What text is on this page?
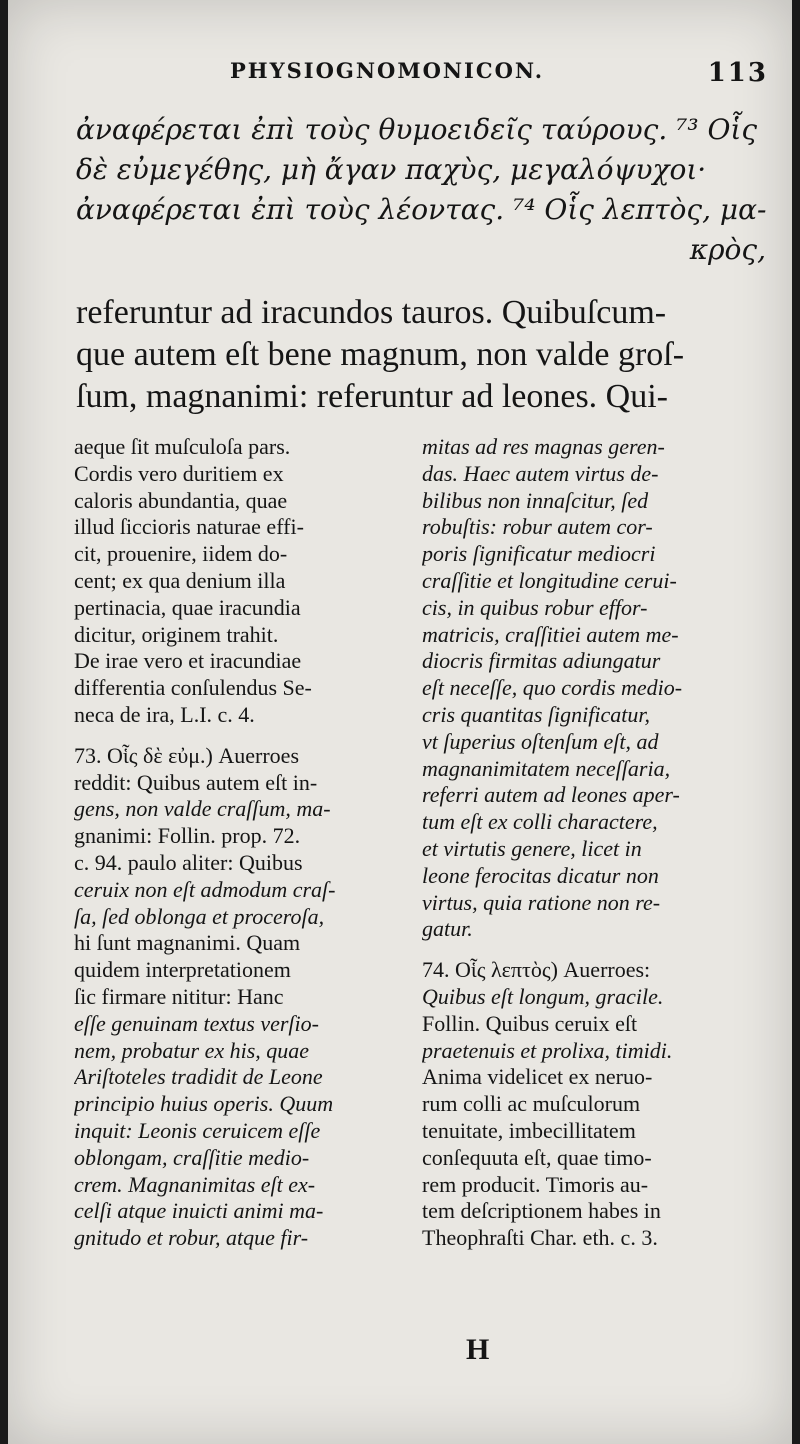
PHYSIOGNOMONICON.	113
ἀναφέρεται ἐπὶ τοὺς θυμοειδεῖς ταύρους. ⁷³ Οἷς
δὲ εὐμεγέθης, μὴ ἄγαν παχὺς, μεγαλόψυχοι·
ἀναφέρεται ἐπὶ τοὺς λέοντας. ⁷⁴ Οἷς λεπτὸς, μα-
κρὸς,
referuntur ad iracundos tauros. Quibuſcum-
que autem eſt bene magnum, non valde groſ-
ſum, magnanimi: referuntur ad leones. Qui-
aeque ſit muſculoſa pars.
Cordis vero duritiem ex
caloris abundantia, quae
illud ſiccioris naturae effi-
cit, prouenire, iidem do-
cent; ex qua denium illa
pertinacia, quae iracundia
dicitur, originem trahit.
De irae vero et iracundiae
differentia conſulendus Se-
neca de ira, L.I. c. 4.
73. Οἷς δὲ εὐμ.) Auerroes
reddit: Quibus autem eſt in-
gens, non valde craſſum, ma-
gnanimi: Follin. prop. 72.
c. 94. paulo aliter: Quibus
ceruix non eſt admodum craſ-
ſa, ſed oblonga et proceroſa,
hi ſunt magnanimi. Quam
quidem interpretationem
ſic firmare nititur: Hanc
eſſe genuinam textus verſio-
nem, probatur ex his, quae
Ariſtoteles tradidit de Leone
principio huius operis. Quum
inquit: Leonis ceruicem eſſe
oblongam, craſſitie medio-
crem. Magnanimitas eſt ex-
celſi atque inuicti animi ma-
gnitudo et robur, atque fir-
mitas ad res magnas geren-
das. Haec autem virtus de-
bilibus non innaſcitur, ſed
robuſtis: robur autem cor-
poris ſignificatur mediocri
craſſitie et longitudine cerui-
cis, in quibus robur effor-
matricis, craſſitiei autem me-
diocris firmitas adiungatur
eſt neceſſe, quo cordis medio-
cris quantitas ſignificatur,
vt ſuperius oſtenſum eſt, ad
magnanimitatem neceſſaria,
referri autem ad leones aper-
tum eſt ex colli charactere,
et virtutis genere, licet in
leone ferocitas dicatur non
virtus, quia ratione non re-
gatur.
74. Οἷς λεπτὸς) Auerroes:
Quibus eſt longum, gracile.
Follin. Quibus ceruix eſt
praetenuis et prolixa, timidi.
Anima videlicet ex neruo-
rum colli ac muſculorum
tenuitate, imbecillitatem
conſequuta eſt, quae timo-
rem producit. Timoris au-
tem deſcriptionem habes in
Theophraſti Char. eth. c. 3.
H
